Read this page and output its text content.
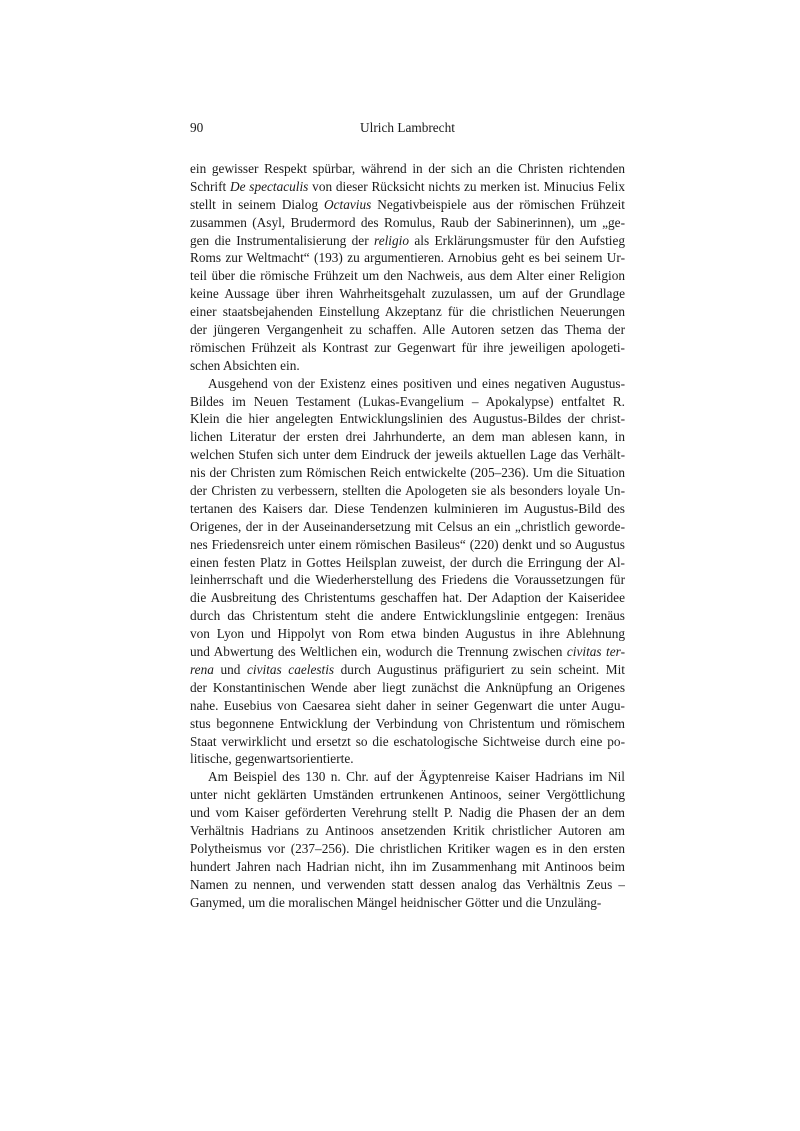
90	Ulrich Lambrecht
ein gewisser Respekt spürbar, während in der sich an die Christen richtenden
Schrift De spectaculis von dieser Rücksicht nichts zu merken ist. Minucius Felix
stellt in seinem Dialog Octavius Negativbeispiele aus der römischen Frühzeit
zusammen (Asyl, Brudermord des Romulus, Raub der Sabinerinnen), um „ge-
gen die Instrumentalisierung der religio als Erklärungsmuster für den Aufstieg
Roms zur Weltmacht“ (193) zu argumentieren. Arnobius geht es bei seinem Ur-
teil über die römische Frühzeit um den Nachweis, aus dem Alter einer Religion
keine Aussage über ihren Wahrheitsgehalt zuzulassen, um auf der Grundlage
einer staatsbejahenden Einstellung Akzeptanz für die christlichen Neuerungen
der jüngeren Vergangenheit zu schaffen. Alle Autoren setzen das Thema der
römischen Frühzeit als Kontrast zur Gegenwart für ihre jeweiligen apologeti-
schen Absichten ein.
Ausgehend von der Existenz eines positiven und eines negativen Augustus-
Bildes im Neuen Testament (Lukas-Evangelium – Apokalypse) entfaltet R.
Klein die hier angelegten Entwicklungslinien des Augustus-Bildes der christ-
lichen Literatur der ersten drei Jahrhunderte, an dem man ablesen kann, in
welchen Stufen sich unter dem Eindruck der jeweils aktuellen Lage das Verhält-
nis der Christen zum Römischen Reich entwickelte (205–236). Um die Situation
der Christen zu verbessern, stellten die Apologeten sie als besonders loyale Un-
tertanen des Kaisers dar. Diese Tendenzen kulminieren im Augustus-Bild des
Origenes, der in der Auseinandersetzung mit Celsus an ein „christlich geworde-
nes Friedensreich unter einem römischen Basileus“ (220) denkt und so Augustus
einen festen Platz in Gottes Heilsplan zuweist, der durch die Erringung der Al-
leinherrschaft und die Wiederherstellung des Friedens die Voraussetzungen für
die Ausbreitung des Christentums geschaffen hat. Der Adaption der Kaiseridee
durch das Christentum steht die andere Entwicklungslinie entgegen: Irenäus
von Lyon und Hippolyt von Rom etwa binden Augustus in ihre Ablehnung
und Abwertung des Weltlichen ein, wodurch die Trennung zwischen civitas ter-
rena und civitas caelestis durch Augustinus präfiguriert zu sein scheint. Mit
der Konstantinischen Wende aber liegt zunächst die Anknüpfung an Origenes
nahe. Eusebius von Caesarea sieht daher in seiner Gegenwart die unter Augu-
stus begonnene Entwicklung der Verbindung von Christentum und römischem
Staat verwirklicht und ersetzt so die eschatologische Sichtweise durch eine po-
litische, gegenwartsorientierte.
Am Beispiel des 130 n. Chr. auf der Ägyptenreise Kaiser Hadrians im Nil
unter nicht geklärten Umständen ertrunkenen Antinoos, seiner Vergöttlichung
und vom Kaiser geförderten Verehrung stellt P. Nadig die Phasen der an dem
Verhältnis Hadrians zu Antinoos ansetzenden Kritik christlicher Autoren am
Polytheismus vor (237–256). Die christlichen Kritiker wagen es in den ersten
hundert Jahren nach Hadrian nicht, ihn im Zusammenhang mit Antinoos beim
Namen zu nennen, und verwenden statt dessen analog das Verhältnis Zeus –
Ganymed, um die moralischen Mängel heidnischer Götter und die Unzuläng-
